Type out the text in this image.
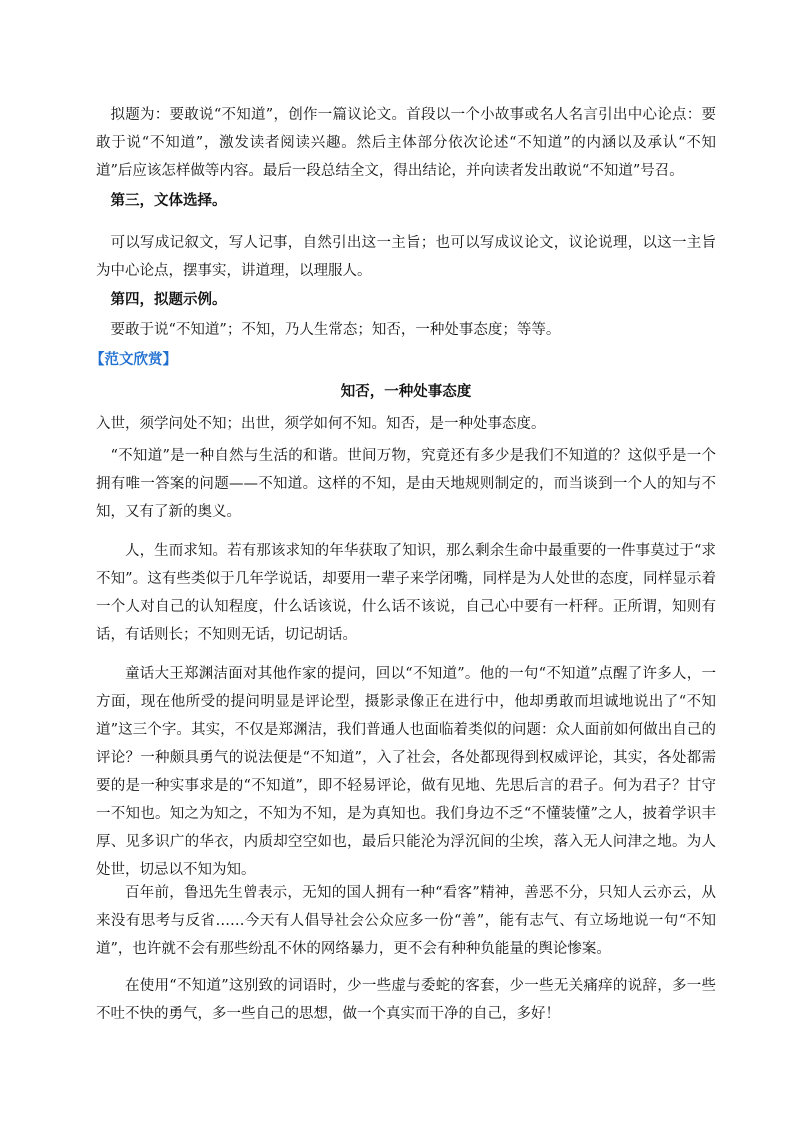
拟题为：要敢说“不知道”，创作一篇议论文。首段以一个小故事或名人名言引出中心论点：要敢于说“不知道”，激发读者阅读兴趣。然后主体部分依次论述“不知道”的内涵以及承认“不知道”后应该怎样做等内容。最后一段总结全文，得出结论，并向读者发出敢说“不知道”号召。

第三，文体选择。

可以写成记叙文，写人记事，自然引出这一主旨；也可以写成议论文，议论说理，以这一主旨为中心论点，摆事实，讲道理，以理服人。

第四，拟题示例。

要敢于说“不知道”；不知，乃人生常态；知否，一种处事态度；等等。

【范文欣赏】

知否，一种处事态度

入世，须学问处不知；出世，须学如何不知。知否，是一种处事态度。

“不知道”是一种自然与生活的和谐。世间万物，究竟还有多少是我们不知道的？这似乎是一个拥有唯一答案的问题——不知道。这样的不知，是由天地规则制定的，而当谈到一个人的知与不知，又有了新的奥义。

人，生而求知。若有那该求知的年华获取了知识，那么剩余生命中最重要的一件事莫过于“求不知”。这有些类似于几年学说话，却要用一辈子来学闭嘴，同样是为人处世的态度，同样显示着一个人对自己的认知程度，什么话该说，什么话不该说，自己心中要有一杆秤。正所谓，知则有话，有话则长；不知则无话，切记胡话。

童话大王郑渊洁面对其他作家的提问，回以“不知道”。他的一句“不知道”点醒了许多人，一方面，现在他所受的提问明显是评论型，摄影录像正在进行中，他却勇敢而坦诚地说出了“不知道”这三个字。其实，不仅是郑渊洁，我们普通人也面临着类似的问题：众人面前如何做出自己的评论？一种颇具勇气的说法便是“不知道”，入了社会，各处都现得到权威评论，其实，各处都需要的是一种实事求是的“不知道”，即不轻易评论，做有见地、先思后言的君子。何为君子？甘守一不知也。知之为知之，不知为不知，是为真知也。我们身边不乏“不懂装懂”之人，披着学识丰厚、见多识广的华衣，内质却空空如也，最后只能沦为浮沉间的尘埃，落入无人问津之地。为人处世，切忌以不知为知。

百年前，鲁迅先生曾表示，无知的国人拥有一种“看客”精神，善恶不分，只知人云亦云，从来没有思考与反省……今天有人倡导社会公众应多一份“善”，能有志气、有立场地说一句“不知道”，也许就不会有那些纷乱不休的网络暴力，更不会有种种负能量的舆论惨案。

在使用“不知道”这别致的词语时，少一些虚与委蛇的客套，少一些无关痛痒的说辞，多一些不吐不快的勇气，多一些自己的思想，做一个真实而干净的自己，多好！
